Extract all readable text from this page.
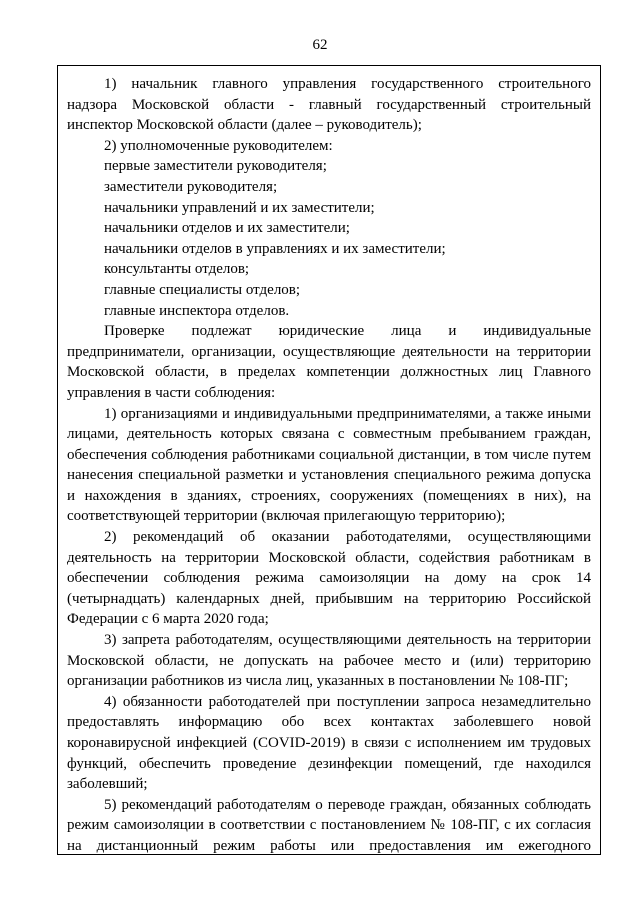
62
1) начальник главного управления государственного строительного
надзора Московской области - главный государственный строительный
инспектор Московской области (далее – руководитель);
2) уполномоченные руководителем:
первые заместители руководителя;
заместители руководителя;
начальники управлений и их заместители;
начальники отделов и их заместители;
начальники отделов в управлениях и их заместители;
консультанты отделов;
главные специалисты отделов;
главные инспектора отделов.
Проверке подлежат юридические лица и индивидуальные
предприниматели, организации, осуществляющие деятельности на территории
Московской области, в пределах компетенции должностных лиц Главного
управления в части соблюдения:
1) организациями и индивидуальными предпринимателями, а также иными
лицами, деятельность которых связана с совместным пребыванием граждан,
обеспечения соблюдения работниками социальной дистанции, в том числе путем
нанесения специальной разметки и установления специального режима допуска
и нахождения в зданиях, строениях, сооружениях (помещениях в них), на
соответствующей территории (включая прилегающую территорию);
2) рекомендаций об оказании работодателями, осуществляющими
деятельность на территории Московской области, содействия работникам в
обеспечении соблюдения режима самоизоляции на дому на срок 14
(четырнадцать) календарных дней, прибывшим на территорию Российской
Федерации с 6 марта 2020 года;
3) запрета работодателям, осуществляющими деятельность на территории
Московской области, не допускать на рабочее место и (или) территорию
организации работников из числа лиц, указанных в постановлении № 108-ПГ;
4) обязанности работодателей при поступлении запроса незамедлительно
предоставлять информацию обо всех контактах заболевшего новой
коронавирусной инфекцией (COVID-2019) в связи с исполнением им трудовых
функций, обеспечить проведение дезинфекции помещений, где находился
заболевший;
5) рекомендаций работодателям о переводе граждан, обязанных соблюдать
режим самоизоляции в соответствии с постановлением № 108-ПГ, с их согласия
на дистанционный режим работы или предоставления им ежегодного
